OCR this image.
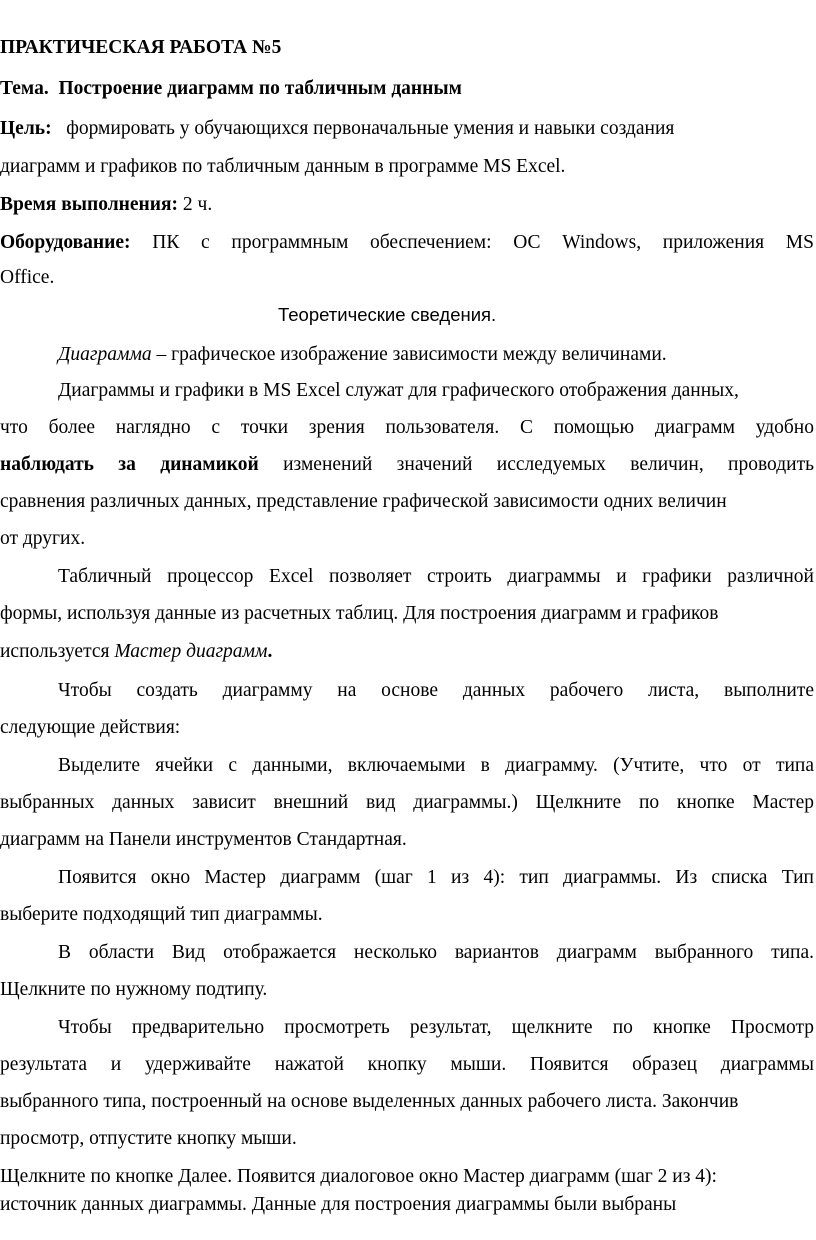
ПРАКТИЧЕСКАЯ РАБОТА №5
Тема. Построение диаграмм по табличным данным
Цель: формировать у обучающихся первоначальные умения и навыки создания
диаграмм и графиков по табличным данным в программе MS Excel.
Время выполнения: 2 ч.
Оборудование: ПК с программным обеспечением: ОС Windows, приложения MS
Office.
Теоретические сведения.
Диаграмма – графическое изображение зависимости между величинами.
Диаграммы и графики в MS Excel служат для графического отображения данных,
что более наглядно с точки зрения пользователя. С помощью диаграмм удобно
наблюдать за динамикой изменений значений исследуемых величин, проводить
сравнения различных данных, представление графической зависимости одних величин
от других.
Табличный процессор Excel позволяет строить диаграммы и графики различной
формы, используя данные из расчетных таблиц. Для построения диаграмм и графиков
используется Мастер диаграмм.
Чтобы создать диаграмму на основе данных рабочего листа, выполните
следующие действия:
Выделите ячейки с данными, включаемыми в диаграмму. (Учтите, что от типа
выбранных данных зависит внешний вид диаграммы.) Щелкните по кнопке Мастер
диаграмм на Панели инструментов Стандартная.
Появится окно Мастер диаграмм (шаг 1 из 4): тип диаграммы. Из списка Тип
выберите подходящий тип диаграммы.
В области Вид отображается несколько вариантов диаграмм выбранного типа.
Щелкните по нужному подтипу.
Чтобы предварительно просмотреть результат, щелкните по кнопке Просмотр
результата и удерживайте нажатой кнопку мыши. Появится образец диаграммы
выбранного типа, построенный на основе выделенных данных рабочего листа. Закончив
просмотр, отпустите кнопку мыши.
Щелкните по кнопке Далее. Появится диалоговое окно Мастер диаграмм (шаг 2 из 4):
источник данных диаграммы. Данные для построения диаграммы были выбраны
